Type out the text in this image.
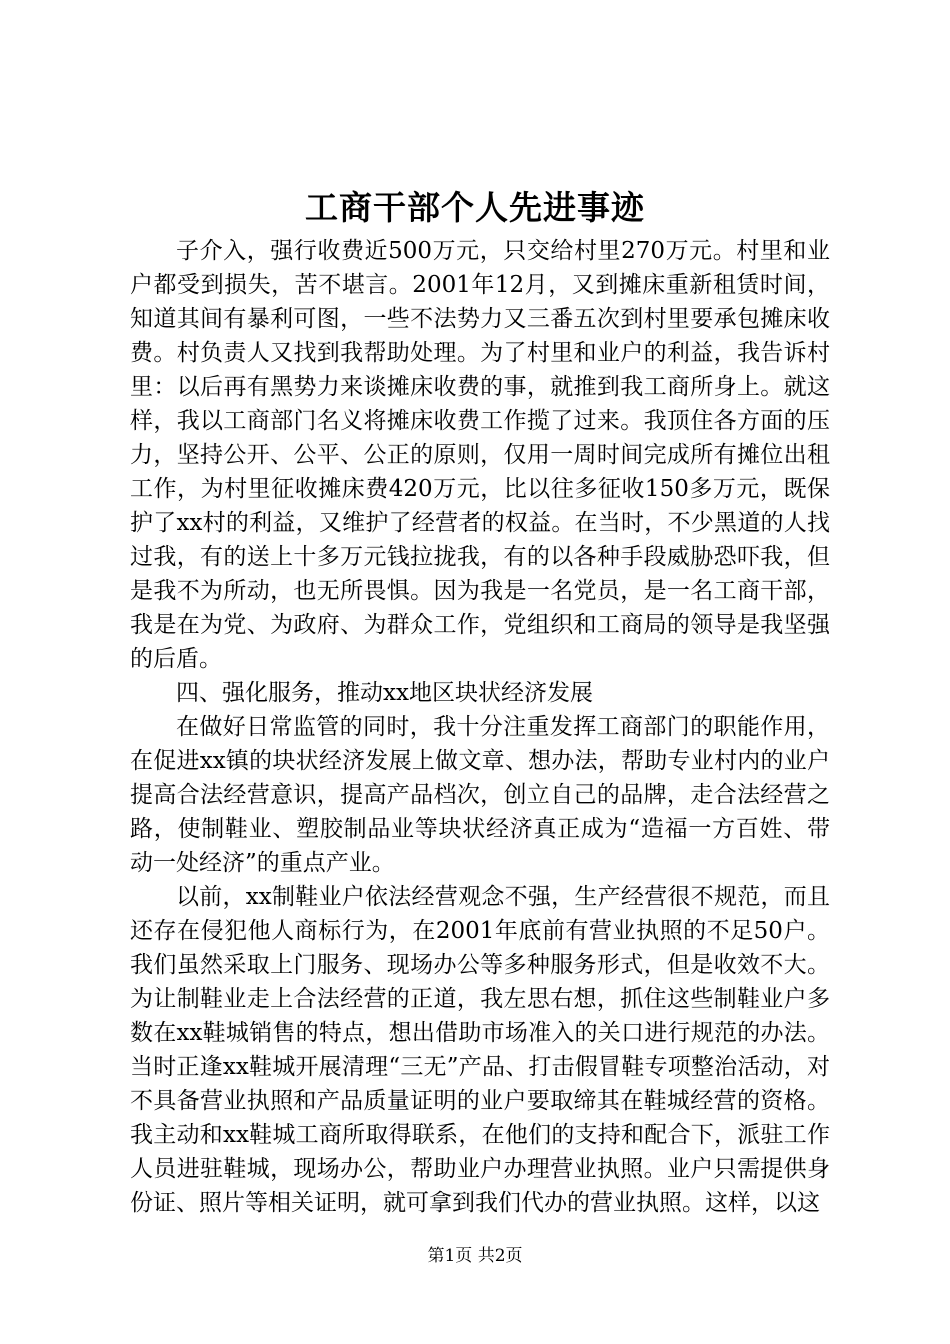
工商干部个人先进事迹

子介入，强行收费近500万元，只交给村里270万元。村里和业户都受到损失，苦不堪言。2001年12月，又到摊床重新租赁时间，知道其间有暴利可图，一些不法势力又三番五次到村里要承包摊床收费。村负责人又找到我帮助处理。为了村里和业户的利益，我告诉村里：以后再有黑势力来谈摊床收费的事，就推到我工商所身上。就这样，我以工商部门名义将摊床收费工作揽了过来。我顶住各方面的压力，坚持公开、公平、公正的原则，仅用一周时间完成所有摊位出租工作，为村里征收摊床费420万元，比以往多征收150多万元，既保护了xx村的利益，又维护了经营者的权益。在当时，不少黑道的人找过我，有的送上十多万元钱拉拢我，有的以各种手段威胁恐吓我，但是我不为所动，也无所畏惧。因为我是一名党员，是一名工商干部，我是在为党、为政府、为群众工作，党组织和工商局的领导是我坚强的后盾。

四、强化服务，推动xx地区块状经济发展

在做好日常监管的同时，我十分注重发挥工商部门的职能作用，在促进xx镇的块状经济发展上做文章、想办法，帮助专业村内的业户提高合法经营意识，提高产品档次，创立自己的品牌，走合法经营之路，使制鞋业、塑胶制品业等块状经济真正成为“造福一方百姓、带动一处经济”的重点产业。

以前，xx制鞋业户依法经营观念不强，生产经营很不规范，而且还存在侵犯他人商标行为，在2001年底前有营业执照的不足50户。我们虽然采取上门服务、现场办公等多种服务形式，但是收效不大。为让制鞋业走上合法经营的正道，我左思右想，抓住这些制鞋业户多数在xx鞋城销售的特点，想出借助市场准入的关口进行规范的办法。当时正逢xx鞋城开展清理“三无”产品、打击假冒鞋专项整治活动，对不具备营业执照和产品质量证明的业户要取缔其在鞋城经营的资格。我主动和xx鞋城工商所取得联系，在他们的支持和配合下，派驻工作人员进驻鞋城，现场办公，帮助业户办理营业执照。业户只需提供身份证、照片等相关证明，就可拿到我们代办的营业执照。这样，以这

第1页 共2页
